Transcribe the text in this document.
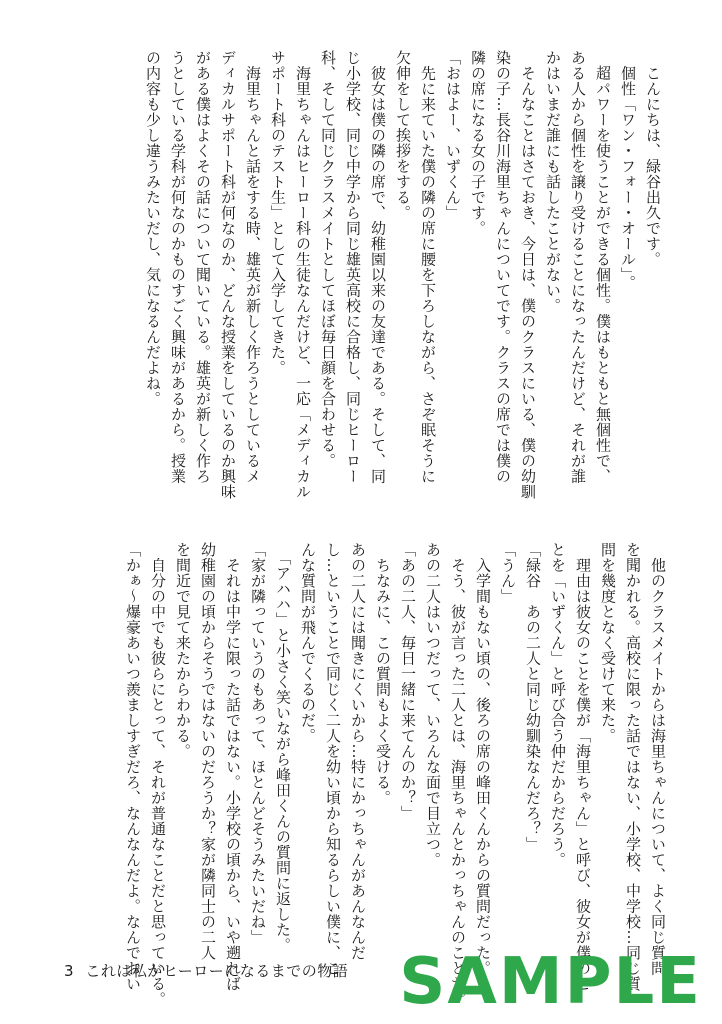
　こんにちは、緑谷出久です。

　個性「ワン・フォー・オール」。

　超パワーを使うことができる個性。僕はもともと無個性で、

ある人から個性を譲り受けることになったんだけど、それが誰

かはいまだ誰にも話したことがない。

　そんなことはさておき、今日は、僕のクラスにいる、僕の幼馴

染の子…長谷川海里ちゃんについてです。クラスの席では僕の

隣の席になる女の子です。

「おはよー、いずくん」

　先に来ていた僕の隣の席に腰を下ろしながら、さぞ眠そうに

欠伸をして挨拶をする。

　彼女は僕の隣の席で、幼稚園以来の友達である。そして、同

じ小学校、同じ中学から同じ雄英高校に合格し、同じヒーロー

科、そして同じクラスメイトとしてほぼ毎日顔を合わせる。

　海里ちゃんはヒーロー科の生徒なんだけど、一応「メディカル

サポート科のテスト生」として入学してきた。

　海里ちゃんと話をする時、雄英が新しく作ろうとしているメ

ディカルサポート科が何なのか、どんな授業をしているのか興味

がある僕はよくその話について聞いている。雄英が新しく作ろ

うとしている学科が何なのかものすごく興味があるから。授業

の内容も少し違うみたいだし、気になるんだよね。

　他のクラスメイトからは海里ちゃんについて、よく同じ質問

を聞かれる。高校に限った話ではない、小学校、中学校…同じ質

問を幾度となく受けて来た。

　理由は彼女のことを僕が「海里ちゃん」と呼び、彼女が僕のこ

とを「いずくん」と呼び合う仲だからだろう。

「緑谷　あの二人と同じ幼馴染なんだろ？」

「うん」

　入学間もない頃の、後ろの席の峰田くんからの質問だった。

　そう、彼が言った二人とは、海里ちゃんとかっちゃんのことだ。

あの二人はいつだって、いろんな面で目立つ。

「あの二人、毎日一緒に来てんのか？」

　ちなみに、この質問もよく受ける。

あの二人には聞きにくいから…特にかっちゃんがあんなんだ

し…ということで同じく二人を幼い頃から知るらしい僕に、こ

んな質問が飛んでくるのだ。

　「アハハ」と小さく笑いながら峰田くんの質問に返した。

「家が隣っていうのもあって、ほとんどそうみたいだね」

　それは中学に限った話ではない。小学校の頃から、いや遡れば

幼稚園の頃からそうではないのだろうか？家が隣同士の二人

を間近で見て来たからわかる。

　自分の中でも彼らにとって、それが普通なことだと思っている。

「かぁ～爆豪あいつ羨ましすぎだろ、なんなんだよ。なんでおい

3 これは私がヒーローになるまでの物語 SAMPLE
